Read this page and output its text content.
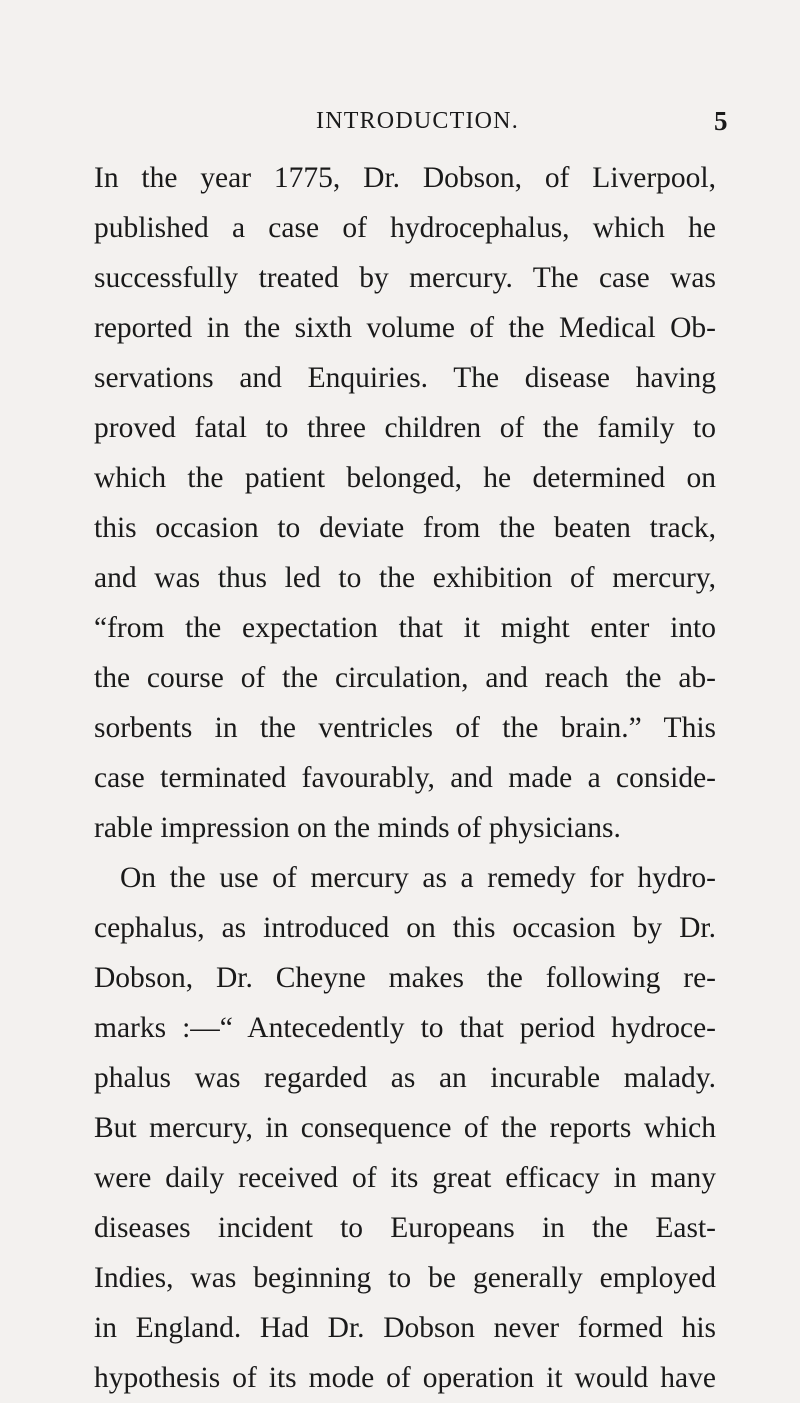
INTRODUCTION.	5
In the year 1775, Dr. Dobson, of Liverpool,
published a case of hydrocephalus, which he
successfully treated by mercury. The case was
reported in the sixth volume of the Medical Ob-
servations and Enquiries. The disease having
proved fatal to three children of the family to
which the patient belonged, he determined on
this occasion to deviate from the beaten track,
and was thus led to the exhibition of mercury,
“from the expectation that it might enter into
the course of the circulation, and reach the ab-
sorbents in the ventricles of the brain.” This
case terminated favourably, and made a conside-
rable impression on the minds of physicians.
On the use of mercury as a remedy for hydro-
cephalus, as introduced on this occasion by Dr.
Dobson, Dr. Cheyne makes the following re-
marks :—“ Antecedently to that period hydroce-
phalus was regarded as an incurable malady.
But mercury, in consequence of the reports which
were daily received of its great efficacy in many
diseases incident to Europeans in the East-
Indies, was beginning to be generally employed
in England. Had Dr. Dobson never formed his
hypothesis of its mode of operation it would have
